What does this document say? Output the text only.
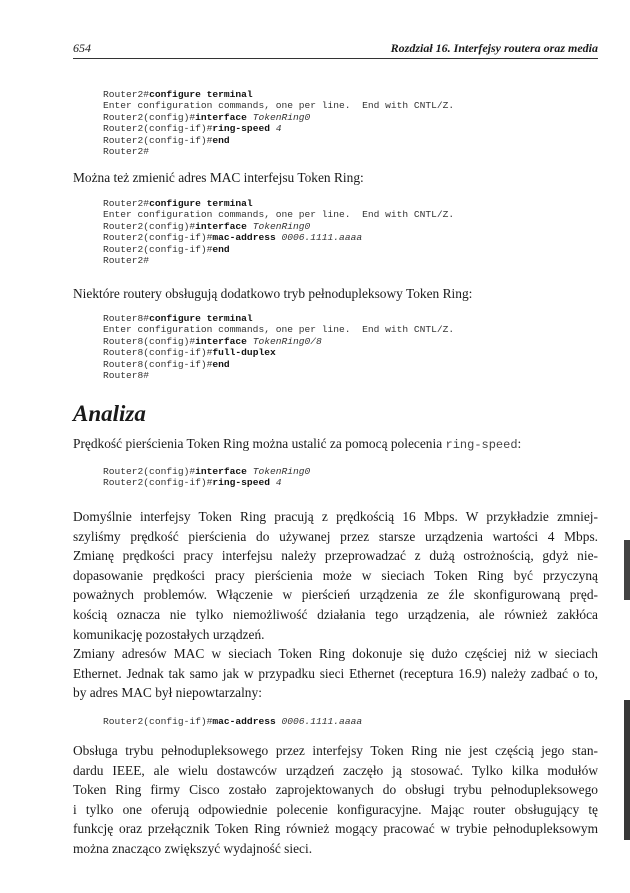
654	Rozdział 16. Interfejsy routera oraz media
Router2#configure terminal
Enter configuration commands, one per line.  End with CNTL/Z.
Router2(config)#interface TokenRing0
Router2(config-if)#ring-speed 4
Router2(config-if)#end
Router2#

Można też zmienić adres MAC interfejsu Token Ring:

Router2#configure terminal
Enter configuration commands, one per line.  End with CNTL/Z.
Router2(config)#interface TokenRing0
Router2(config-if)#mac-address 0006.1111.aaaa
Router2(config-if)#end
Router2#

Niektóre routery obsługują dodatkowo tryb pełnodupleksowy Token Ring:

Router8#configure terminal
Enter configuration commands, one per line.  End with CNTL/Z.
Router8(config)#interface TokenRing0/8
Router8(config-if)#full-duplex
Router8(config-if)#end
Router8#
Analiza

Prędkość pierścienia Token Ring można ustalić za pomocą polecenia ring-speed:

Router2(config)#interface TokenRing0
Router2(config-if)#ring-speed 4
Domyślnie interfejsy Token Ring pracują z prędkością 16 Mbps. W przykładzie zmniej-
szyliśmy prędkość pierścienia do używanej przez starsze urządzenia wartości 4 Mbps.
Zmianę prędkości pracy interfejsu należy przeprowadzać z dużą ostrożnością, gdyż nie-
dopasowanie prędkości pracy pierścienia może w sieciach Token Ring być przyczyną
poważnych problemów. Włączenie w pierścień urządzenia ze źle skonfigurowaną pręd-
kością oznacza nie tylko niemożliwość działania tego urządzenia, ale również zakłóca
komunikację pozostałych urządzeń.
Zmiany adresów MAC w sieciach Token Ring dokonuje się dużo częściej niż w sieciach
Ethernet. Jednak tak samo jak w przypadku sieci Ethernet (receptura 16.9) należy zadbać o to,
by adres MAC był niepowtarzalny:
Router2(config-if)#mac-address 0006.1111.aaaa
Obsługa trybu pełnodupleksowego przez interfejsy Token Ring nie jest częścią jego stan-
dardu IEEE, ale wielu dostawców urządzeń zaczęło ją stosować. Tylko kilka modułów
Token Ring firmy Cisco zostało zaprojektowanych do obsługi trybu pełnodupleksowego
i tylko one oferują odpowiednie polecenie konfiguracyjne. Mając router obsługujący tę
funkcję oraz przełącznik Token Ring również mogący pracować w trybie pełnodupleksowym można znacząco zwiększyć wydajność sieci.
